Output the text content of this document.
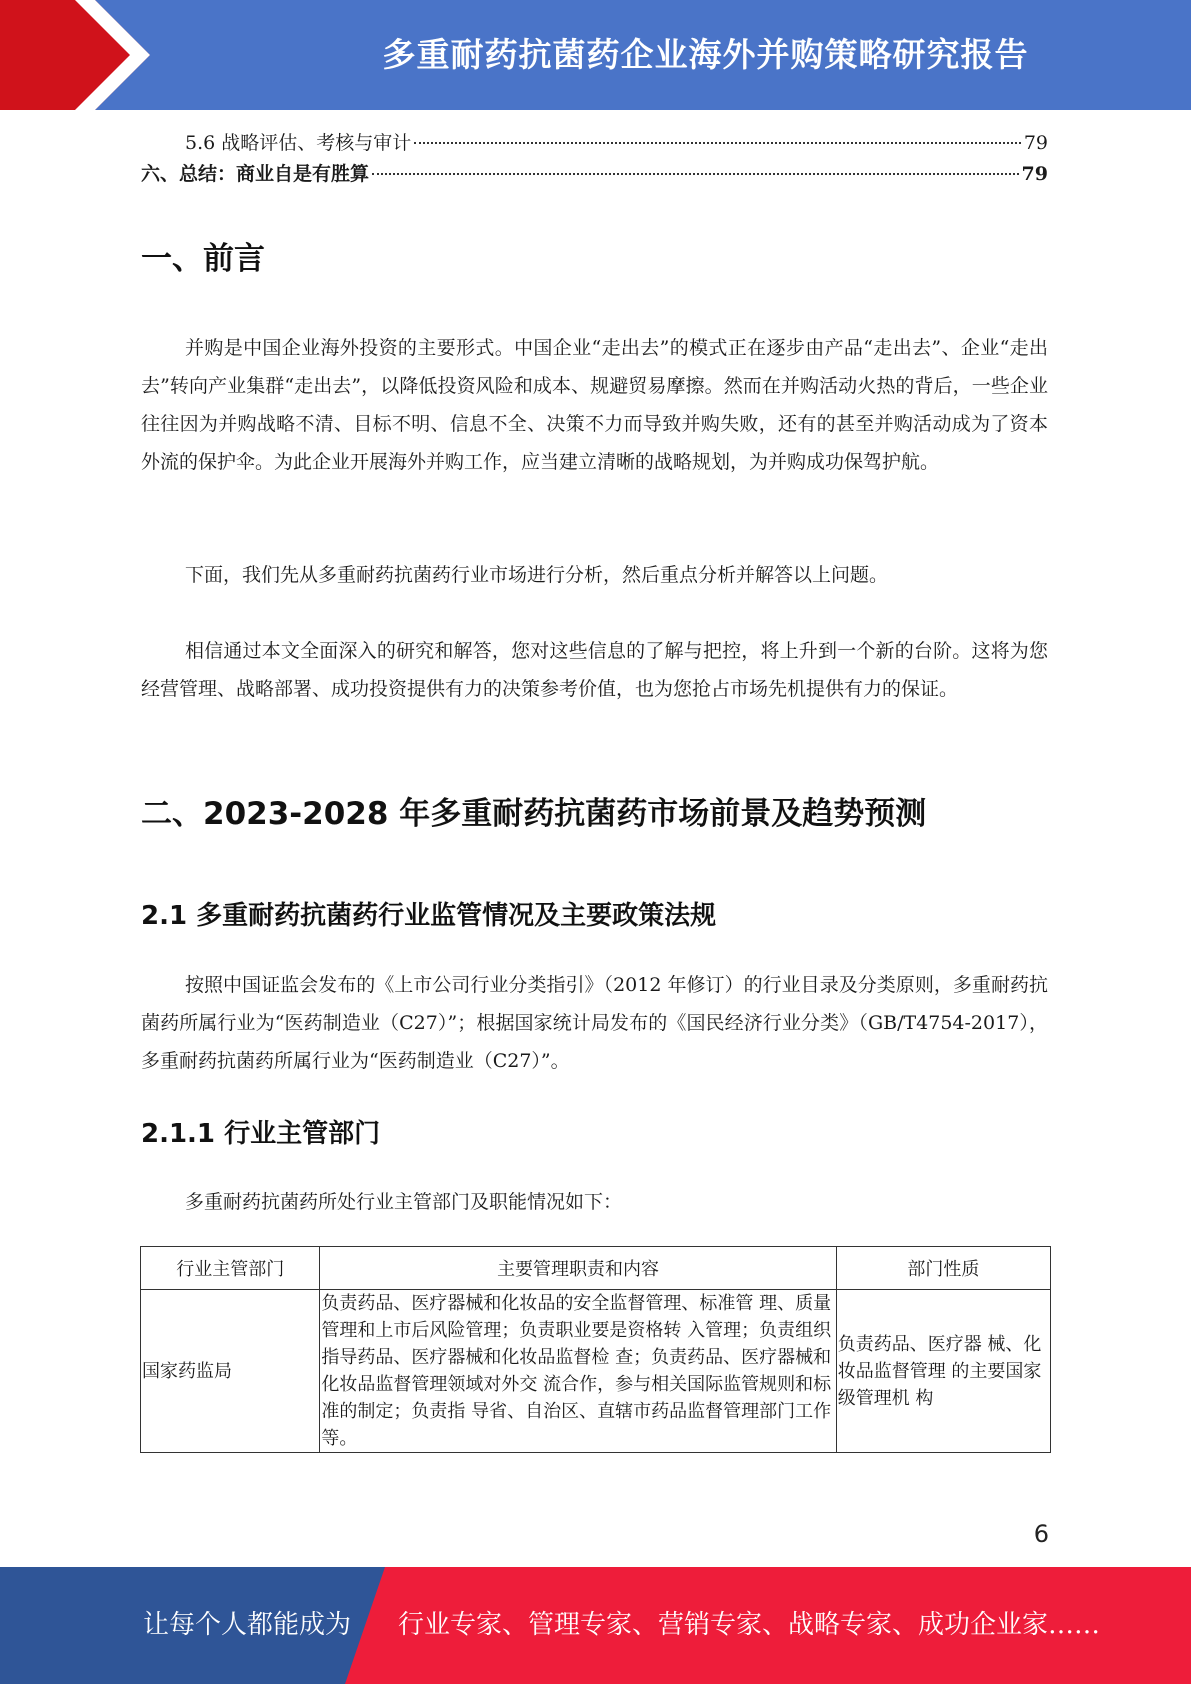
多重耐药抗菌药企业海外并购策略研究报告
5.6 战略评估、考核与审计	79
六、总结：商业自是有胜算	79
一、前言
并购是中国企业海外投资的主要形式。中国企业“走出去”的模式正在逐步由产品“走出去”、企业“走出去”转向产业集群“走出去”，以降低投资风险和成本、规避贸易摩擦。然而在并购活动火热的背后，一些企业往往因为并购战略不清、目标不明、信息不全、决策不力而导致并购失败，还有的甚至并购活动成为了资本外流的保护伞。为此企业开展海外并购工作，应当建立清晰的战略规划，为并购成功保驾护航。
下面，我们先从多重耐药抗菌药行业市场进行分析，然后重点分析并解答以上问题。
相信通过本文全面深入的研究和解答，您对这些信息的了解与把控，将上升到一个新的台阶。这将为您经营管理、战略部署、成功投资提供有力的决策参考价值，也为您抢占市场先机提供有力的保证。
二、2023-2028 年多重耐药抗菌药市场前景及趋势预测
2.1 多重耐药抗菌药行业监管情况及主要政策法规
按照中国证监会发布的《上市公司行业分类指引》（2012 年修订）的行业目录及分类原则，多重耐药抗菌药所属行业为“医药制造业（C27）”；根据国家统计局发布的《国民经济行业分类》（GB/T4754-2017），多重耐药抗菌药所属行业为“医药制造业（C27）”。
2.1.1 行业主管部门
多重耐药抗菌药所处行业主管部门及职能情况如下：
行业主管部门	主要管理职责和内容	部门性质
国家药监局	负责药品、医疗器械和化妆品的安全监督管理、标准管 理、质量管理和上市后风险管理；负责职业要是资格转 入管理；负责组织指导药品、医疗器械和化妆品监督检 查；负责药品、医疗器械和化妆品监督管理领域对外交 流合作，参与相关国际监管规则和标准的制定；负责指 导省、自治区、直辖市药品监督管理部门工作等。	负责药品、医疗器 械、化妆品监督管理 的主要国家级管理机 构
6
让每个人都能成为 行业专家、管理专家、营销专家、战略专家、成功企业家……
